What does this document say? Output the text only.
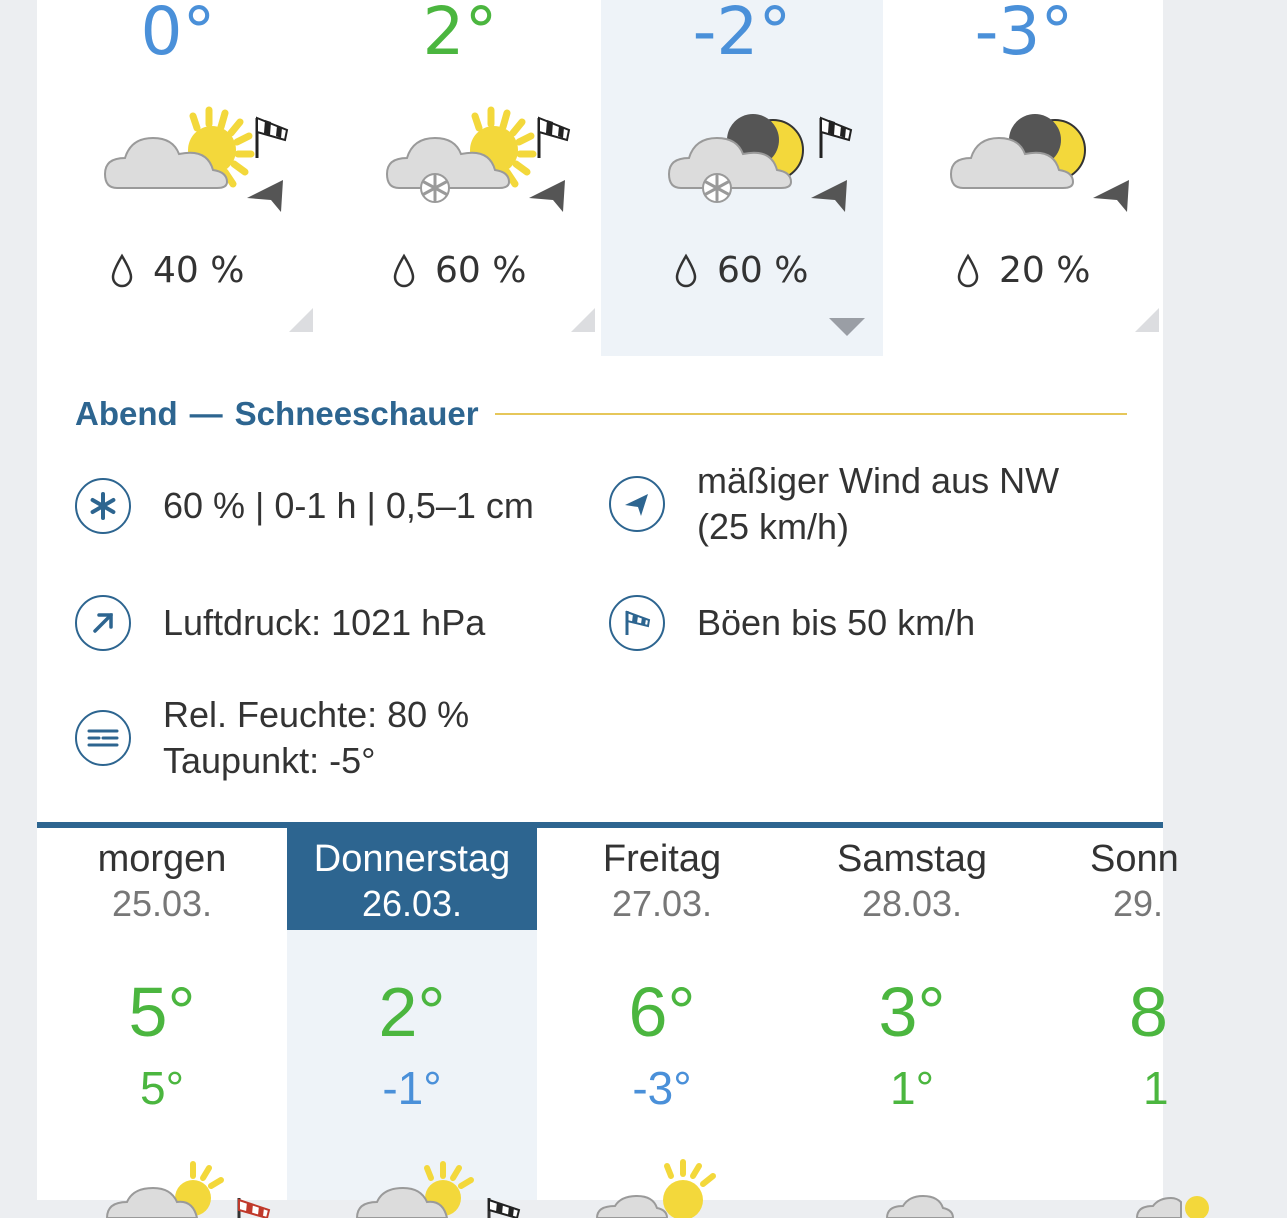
0°
40 %
2°
60 %
-2°
60 %
-3°
20 %
Abend — Schneeschauer
60 % | 0-1 h | 0,5–1 cm
mäßiger Wind aus NW
(25 km/h)
Luftdruck: 1021 hPa	Böen bis 50 km/h
Rel. Feuchte: 80 %
Taupunkt: -5°
morgen
25.03.
5°
5°
Donnerstag
26.03.
2°
-1°
Freitag
27.03.
6°
-3°
Samstag
28.03.
3°
1°
Sonn
29.
8
1
